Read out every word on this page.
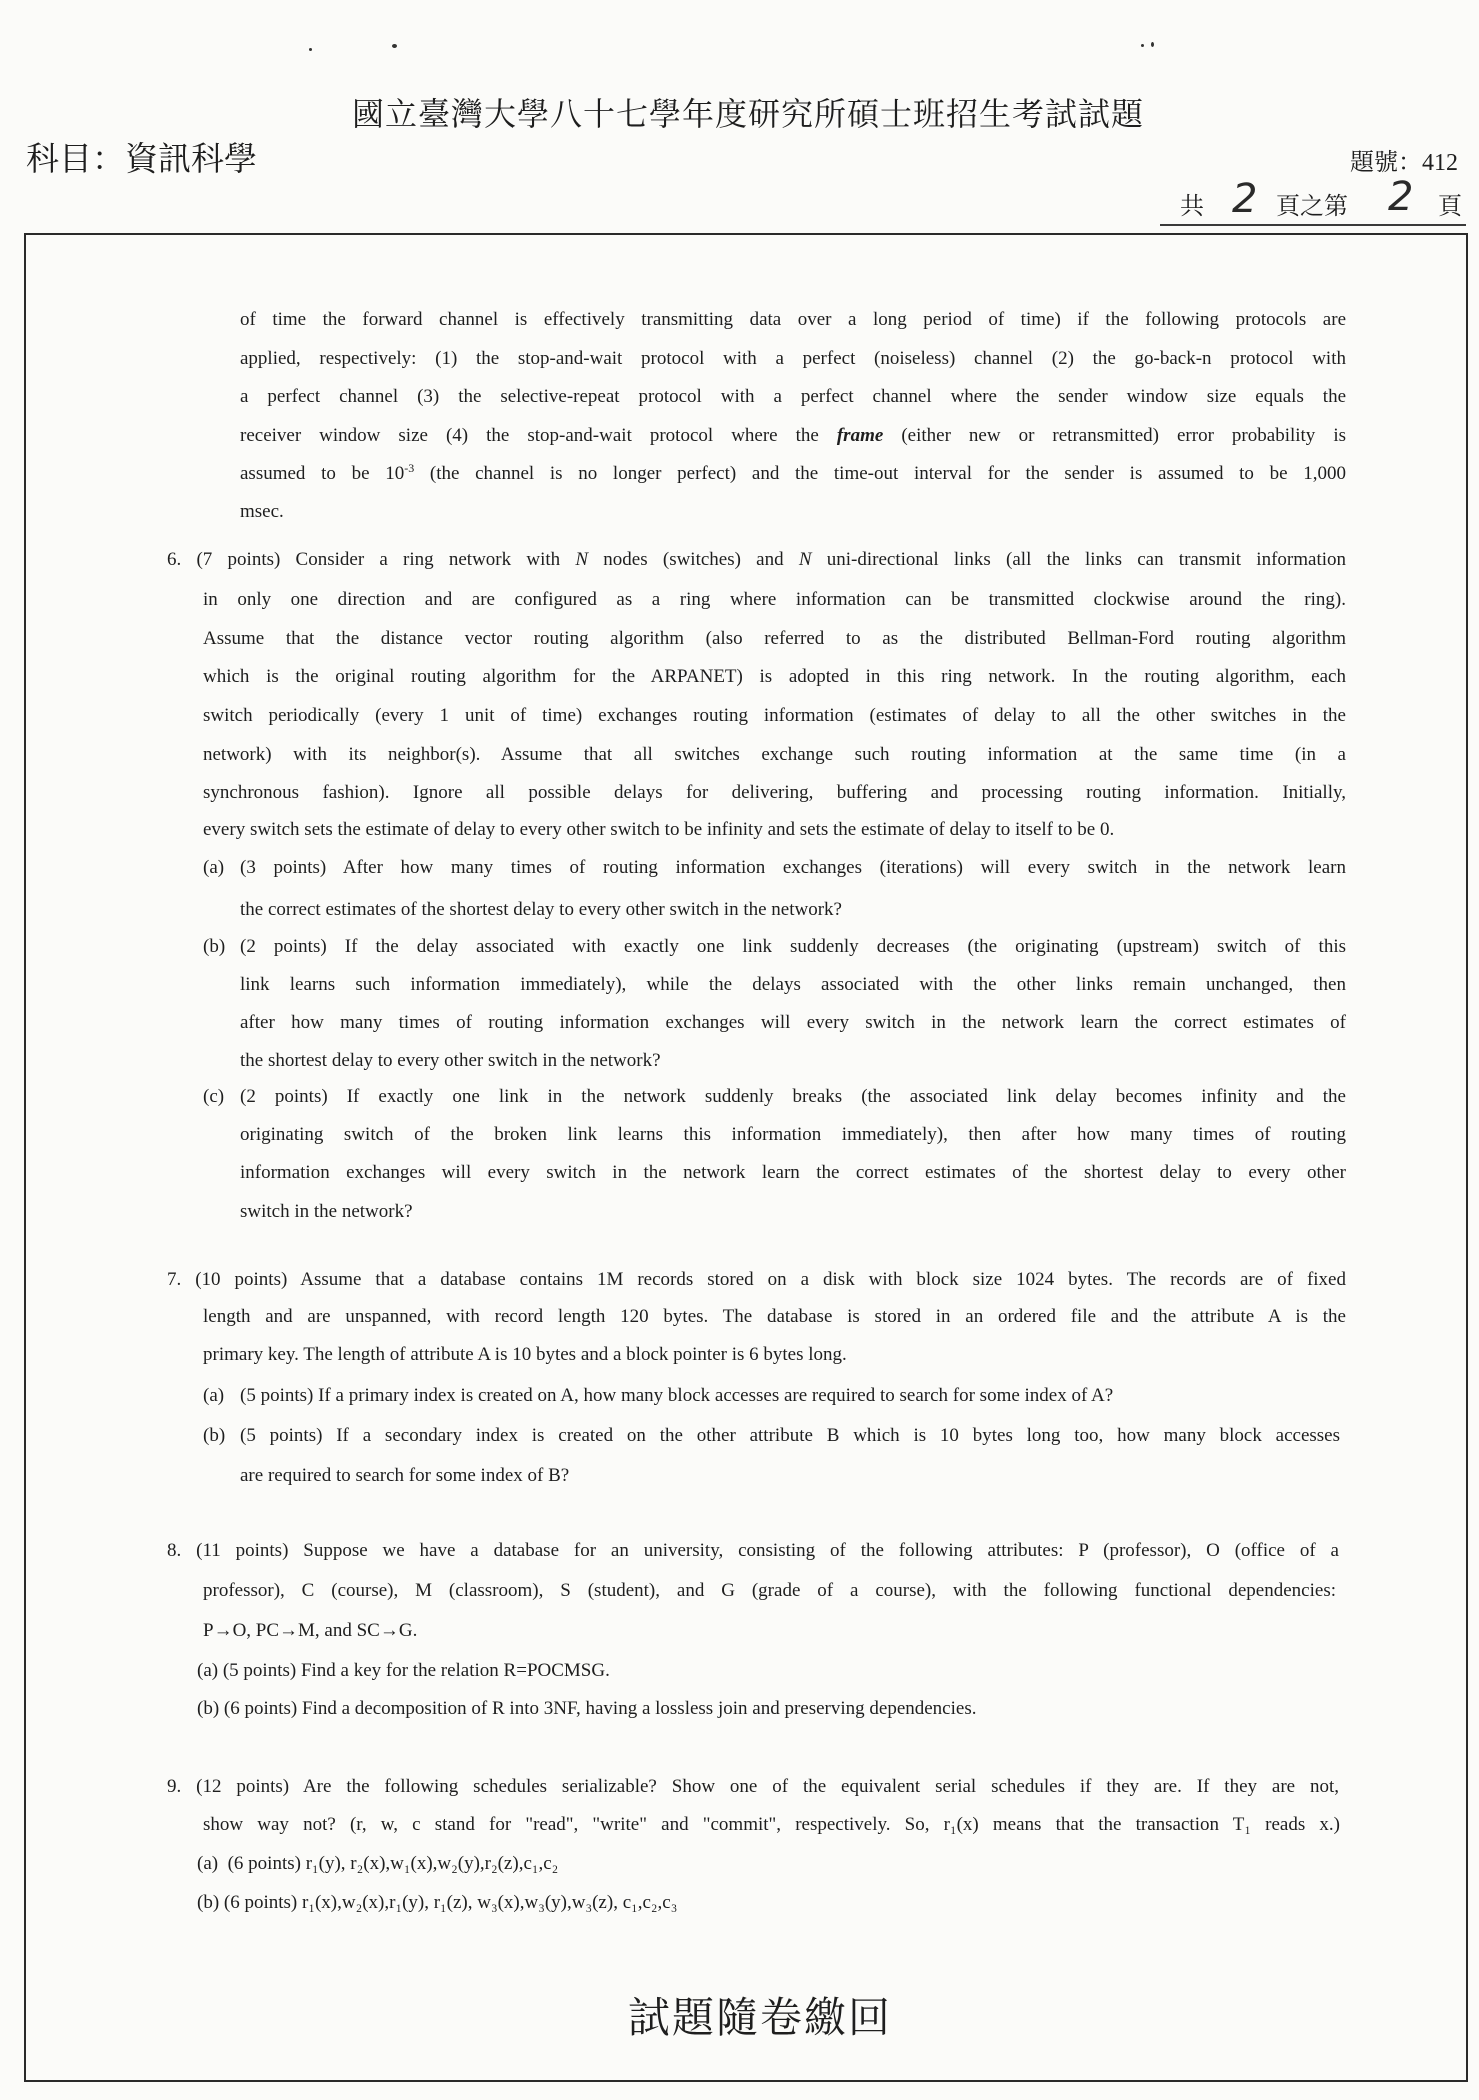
國立臺灣大學八十七學年度研究所碩士班招生考試試題
科目：資訊科學	題號：412
共 2 頁之第 2 頁
of time the forward channel is effectively transmitting data over a long period of time) if the following protocols are
applied, respectively: (1) the stop-and-wait protocol with a perfect (noiseless) channel (2) the go-back-n protocol with
a perfect channel (3) the selective-repeat protocol with a perfect channel where the sender window size equals the
receiver window size (4) the stop-and-wait protocol where the frame (either new or retransmitted) error probability is
assumed to be $10^{-3}$ (the channel is no longer perfect) and the time-out interval for the sender is assumed to be 1,000
msec.
6. (7 points) Consider a ring network with N nodes (switches) and N uni-directional links (all the links can transmit information
in only one direction and are configured as a ring where information can be transmitted clockwise around the ring).
Assume that the distance vector routing algorithm (also referred to as the distributed Bellman-Ford routing algorithm
which is the original routing algorithm for the ARPANET) is adopted in this ring network. In the routing algorithm, each
switch periodically (every 1 unit of time) exchanges routing information (estimates of delay to all the other switches in the
network) with its neighbor(s). Assume that all switches exchange such routing information at the same time (in a
synchronous fashion). Ignore all possible delays for delivering, buffering and processing routing information. Initially,
every switch sets the estimate of delay to every other switch to be infinity and sets the estimate of delay to itself to be 0.
(a) (3 points) After how many times of routing information exchanges (iterations) will every switch in the network learn
the correct estimates of the shortest delay to every other switch in the network?
(b) (2 points) If the delay associated with exactly one link suddenly decreases (the originating (upstream) switch of this
link learns such information immediately), while the delays associated with the other links remain unchanged, then
after how many times of routing information exchanges will every switch in the network learn the correct estimates of
the shortest delay to every other switch in the network?
(c) (2 points) If exactly one link in the network suddenly breaks (the associated link delay becomes infinity and the
originating switch of the broken link learns this information immediately), then after how many times of routing
information exchanges will every switch in the network learn the correct estimates of the shortest delay to every other
switch in the network?
7. (10 points) Assume that a database contains 1M records stored on a disk with block size 1024 bytes. The records are of fixed
length and are unspanned, with record length 120 bytes. The database is stored in an ordered file and the attribute A is the
primary key. The length of attribute A is 10 bytes and a block pointer is 6 bytes long.
(a) (5 points) If a primary index is created on A, how many block accesses are required to search for some index of A?
(b) (5 points) If a secondary index is created on the other attribute B which is 10 bytes long too, how many block accesses
are required to search for some index of B?
8. (11 points) Suppose we have a database for an university, consisting of the following attributes: P (professor), O (office of a
professor), C (course), M (classroom), S (student), and G (grade of a course), with the following functional dependencies:
P→O, PC→M, and SC→G.
(a) (5 points) Find a key for the relation R=POCMSG.
(b) (6 points) Find a decomposition of R into 3NF, having a lossless join and preserving dependencies.
9. (12 points) Are the following schedules serializable? Show one of the equivalent serial schedules if they are. If they are not,
show way not? (r, w, c stand for "read", "write" and "commit", respectively. So, r₁(x) means that the transaction T₁ reads x.)
(a)  (6 points) r₁(y), r₂(x),w₁(x),w₂(y),r₂(z),c₁,c₂
(b) (6 points) r₁(x),w₂(x),r₁(y), r₁(z), w₃(x),w₃(y),w₃(z), c₁,c₂,c₃
試題隨卷繳回
